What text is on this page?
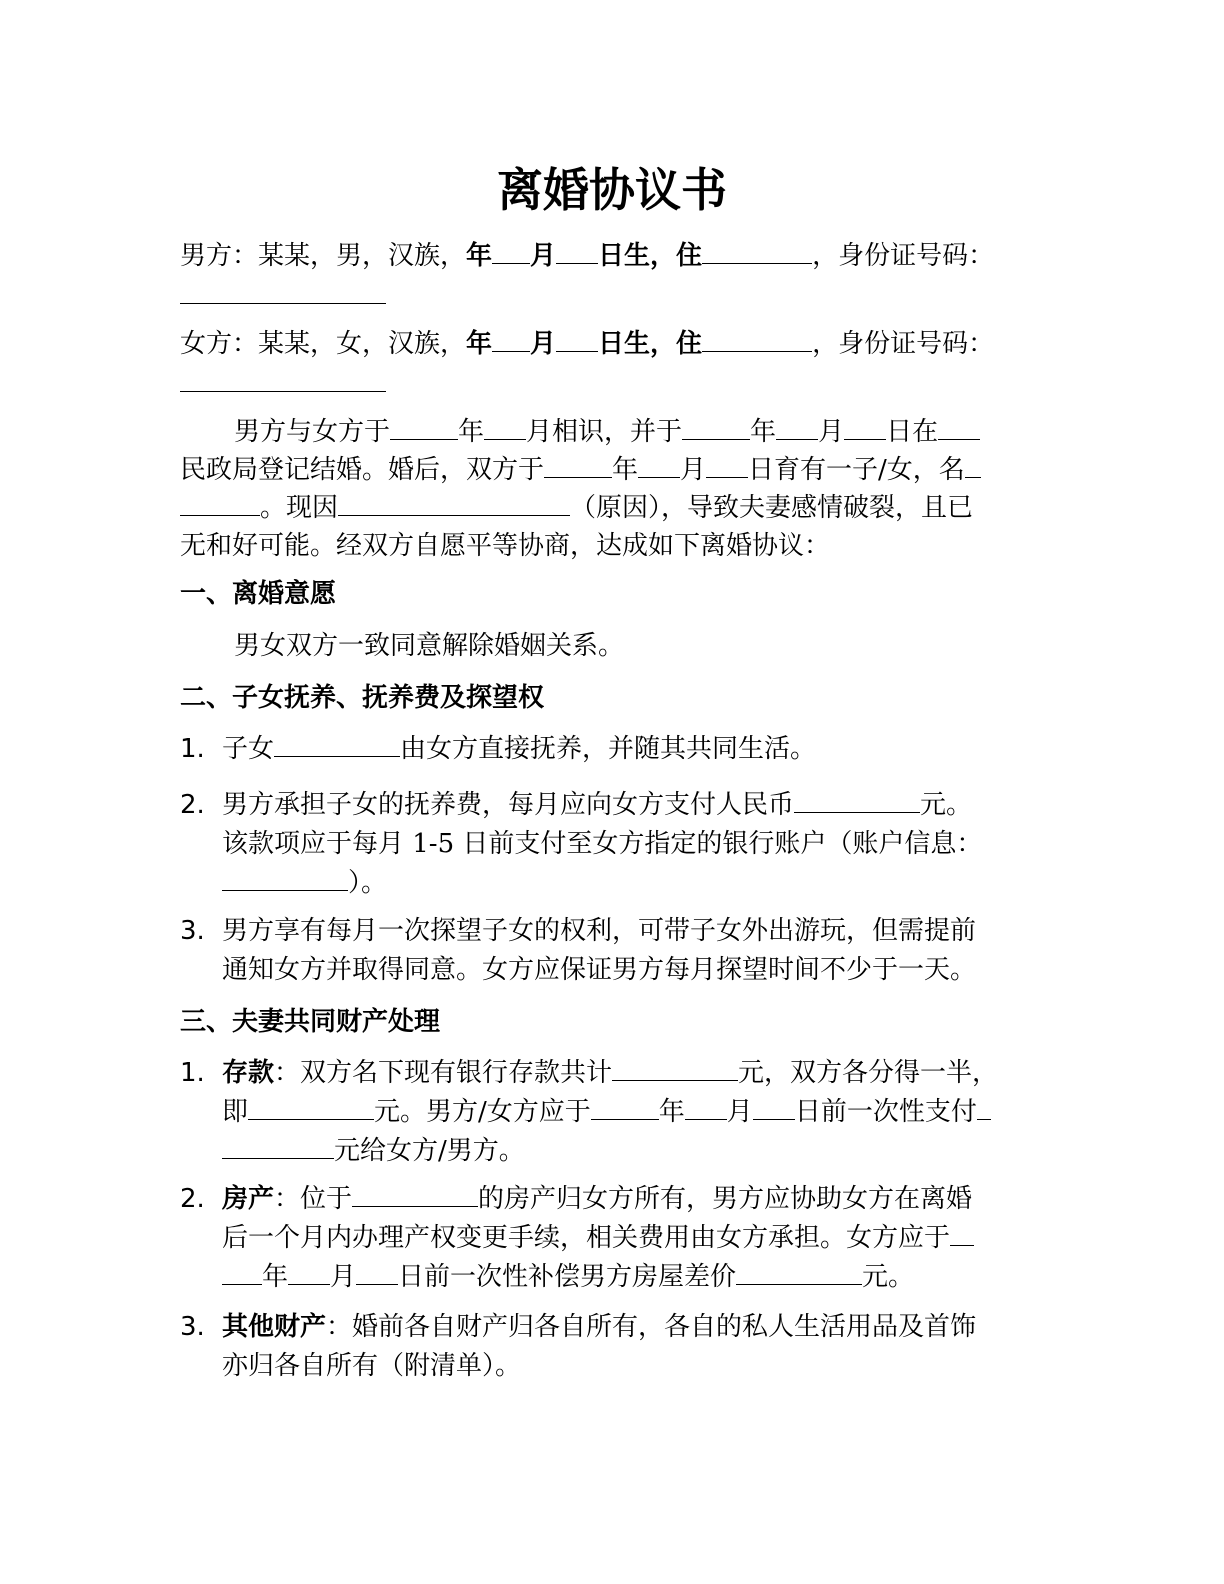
离婚协议书
男方：某某，男，汉族，年 月 日生，住	，身份证号码：
女方：某某，女，汉族，年 月 日生，住	，身份证号码：
男方与女方于	年 月相识，并于	年 月 日在
民政局登记结婚。婚后，双方于	年 月 日育有一子/女，名
。现因	（原因），导致夫妻感情破裂，且已
无和好可能。经双方自愿平等协商，达成如下离婚协议：
一、离婚意愿
男女双方一致同意解除婚姻关系。
二、子女抚养、抚养费及探望权
1. 子女	由女方直接抚养，并随其共同生活。
2. 男方承担子女的抚养费，每月应向女方支付人民币	元。
该款项应于每月 1-5 日前支付至女方指定的银行账户（账户信息：
）。
3. 男方享有每月一次探望子女的权利，可带子女外出游玩，但需提前
通知女方并取得同意。女方应保证男方每月探望时间不少于一天。
三、夫妻共同财产处理
1. 存款：双方名下现有银行存款共计	元，双方各分得一半，
即	元。男方/女方应于	年 月 日前一次性支付
元给女方/男方。
2. 房产：位于	的房产归女方所有，男方应协助女方在离婚
后一个月内办理产权变更手续，相关费用由女方承担。女方应于
年 月 日前一次性补偿男方房屋差价	元。
3. 其他财产：婚前各自财产归各自所有，各自的私人生活用品及首饰
亦归各自所有（附清单）。
